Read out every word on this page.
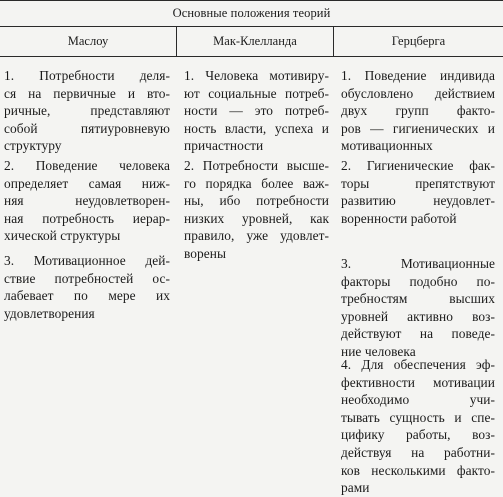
Основные положения теорий
Маслоу	Мак-Клелланда	Герцберга
1. Потребности деля-
ся на первичные и вто-
ричные, представляют
собой пятиуровневую
структуру
2. Поведение человека
определяет самая ниж-
няя неудовлетворен-
ная потребность иерар-
хической структуры
3. Мотивационное дей-
ствие потребностей ос-
лабевает по мере их
удовлетворения
1. Человека мотивиру-
ют социальные потреб-
ности — это потреб-
ность власти, успеха и
причастности
2. Потребности высше-
го порядка более важ-
ны, ибо потребности
низких уровней, как
правило, уже удовлет-
ворены
1. Поведение индивида
обусловлено действием
двух групп факто-
ров — гигиенических и
мотивационных
2. Гигиенические фак-
торы препятствуют
развитию неудовлет-
воренности работой
3. Мотивационные
факторы подобно по-
требностям высших
уровней активно воз-
действуют на поведе-
ние человека
4. Для обеспечения эф-
фективности мотивации
необходимо учи-
тывать сущность и спе-
цифику работы, воз-
действуя на работни-
ков несколькими факто-
рами
